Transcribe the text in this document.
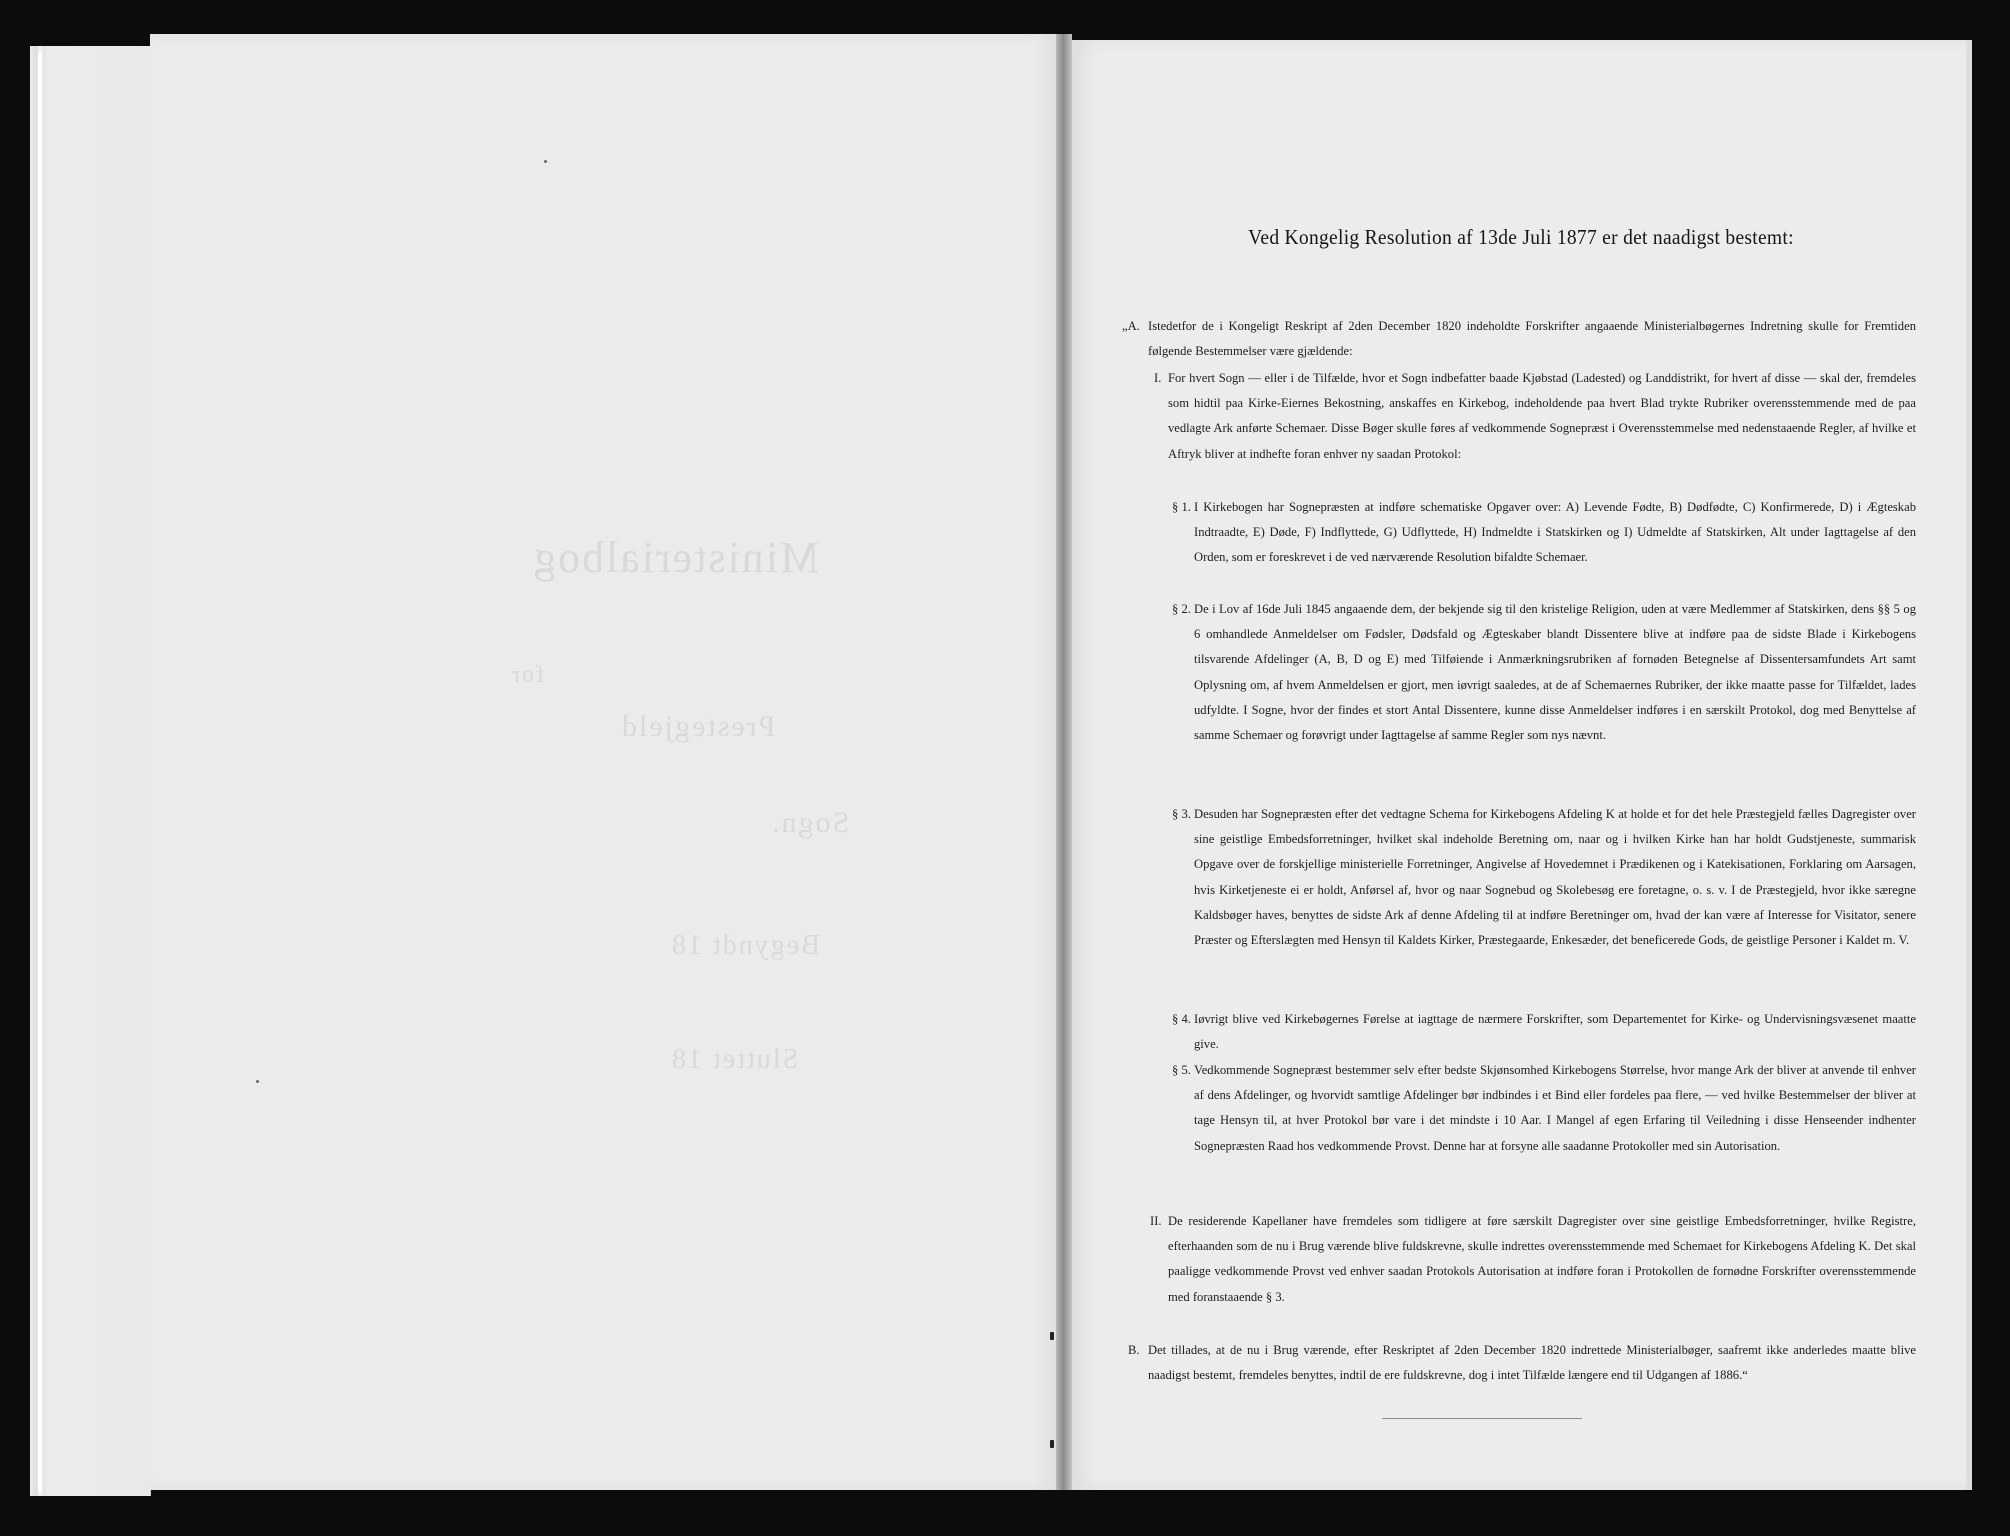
Ministerialbog
for
Prestegjeld
Sogn.
Begyndt 18
Sluttet 18
Ved Kongelig Resolution af 13de Juli 1877 er det naadigst bestemt:
„A. Istedetfor de i Kongeligt Reskript af 2den December 1820 indeholdte Forskrifter angaaende Ministerialbøgernes Indretning skulle for Fremtiden følgende Bestemmelser være gjældende:
I. For hvert Sogn — eller i de Tilfælde, hvor et Sogn indbefatter baade Kjøbstad (Ladested) og Landdistrikt, for hvert af disse — skal der, fremdeles som hidtil paa Kirke-Eiernes Bekostning, anskaffes en Kirkebog, indeholdende paa hvert Blad trykte Rubriker overensstemmende med de paa vedlagte Ark anførte Schemaer. Disse Bøger skulle føres af vedkommende Sognepræst i Overensstemmelse med nedenstaaende Regler, af hvilke et Aftryk bliver at indhefte foran enhver ny saadan Protokol:
§ 1. I Kirkebogen har Sognepræsten at indføre schematiske Opgaver over: A) Levende Fødte, B) Dødfødte, C) Konfirmerede, D) i Ægteskab Indtraadte, E) Døde, F) Indflyttede, G) Udflyttede, H) Indmeldte i Statskirken og I) Udmeldte af Statskirken, Alt under Iagttagelse af den Orden, som er foreskrevet i de ved nærværende Resolution bifaldte Schemaer.
§ 2. De i Lov af 16de Juli 1845 angaaende dem, der bekjende sig til den kristelige Religion, uden at være Medlemmer af Statskirken, dens §§ 5 og 6 omhandlede Anmeldelser om Fødsler, Dødsfald og Ægteskaber blandt Dissentere blive at indføre paa de sidste Blade i Kirkebogens tilsvarende Afdelinger (A, B, D og E) med Tilføiende i Anmærkningsrubriken af fornøden Betegnelse af Dissentersamfundets Art samt Oplysning om, af hvem Anmeldelsen er gjort, men iøvrigt saaledes, at de af Schemaernes Rubriker, der ikke maatte passe for Tilfældet, lades udfyldte. I Sogne, hvor der findes et stort Antal Dissentere, kunne disse Anmeldelser indføres i en særskilt Protokol, dog med Benyttelse af samme Schemaer og forøvrigt under Iagttagelse af samme Regler som nys nævnt.
§ 3. Desuden har Sognepræsten efter det vedtagne Schema for Kirkebogens Afdeling K at holde et for det hele Præstegjeld fælles Dagregister over sine geistlige Embedsforretninger, hvilket skal indeholde Beretning om, naar og i hvilken Kirke han har holdt Gudstjeneste, summarisk Opgave over de forskjellige ministerielle Forretninger, Angivelse af Hovedemnet i Prædikenen og i Katekisationen, Forklaring om Aarsagen, hvis Kirketjeneste ei er holdt, Anførsel af, hvor og naar Sognebud og Skolebesøg ere foretagne, o. s. v. I de Præstegjeld, hvor ikke særegne Kaldsbøger haves, benyttes de sidste Ark af denne Afdeling til at indføre Beretninger om, hvad der kan være af Interesse for Visitator, senere Præster og Efterslægten med Hensyn til Kaldets Kirker, Præstegaarde, Enkesæder, det beneficerede Gods, de geistlige Personer i Kaldet m. V.
§ 4. Iøvrigt blive ved Kirkebøgernes Førelse at iagttage de nærmere Forskrifter, som Departementet for Kirke- og Undervisningsvæsenet maatte give.
§ 5. Vedkommende Sognepræst bestemmer selv efter bedste Skjønsomhed Kirkebogens Størrelse, hvor mange Ark der bliver at anvende til enhver af dens Afdelinger, og hvorvidt samtlige Afdelinger bør indbindes i et Bind eller fordeles paa flere, — ved hvilke Bestemmelser der bliver at tage Hensyn til, at hver Protokol bør vare i det mindste i 10 Aar. I Mangel af egen Erfaring til Veiledning i disse Henseender indhenter Sognepræsten Raad hos vedkommende Provst. Denne har at forsyne alle saadanne Protokoller med sin Autorisation.
II. De residerende Kapellaner have fremdeles som tidligere at føre særskilt Dagregister over sine geistlige Embedsforretninger, hvilke Registre, efterhaanden som de nu i Brug værende blive fuldskrevne, skulle indrettes overensstemmende med Schemaet for Kirkebogens Afdeling K. Det skal paaligge vedkommende Provst ved enhver saadan Protokols Autorisation at indføre foran i Protokollen de fornødne Forskrifter overensstemmende med foranstaaende § 3.
B. Det tillades, at de nu i Brug værende, efter Reskriptet af 2den December 1820 indrettede Ministerialbøger, saafremt ikke anderledes maatte blive naadigst bestemt, fremdeles benyttes, indtil de ere fuldskrevne, dog i intet Tilfælde længere end til Udgangen af 1886.“
